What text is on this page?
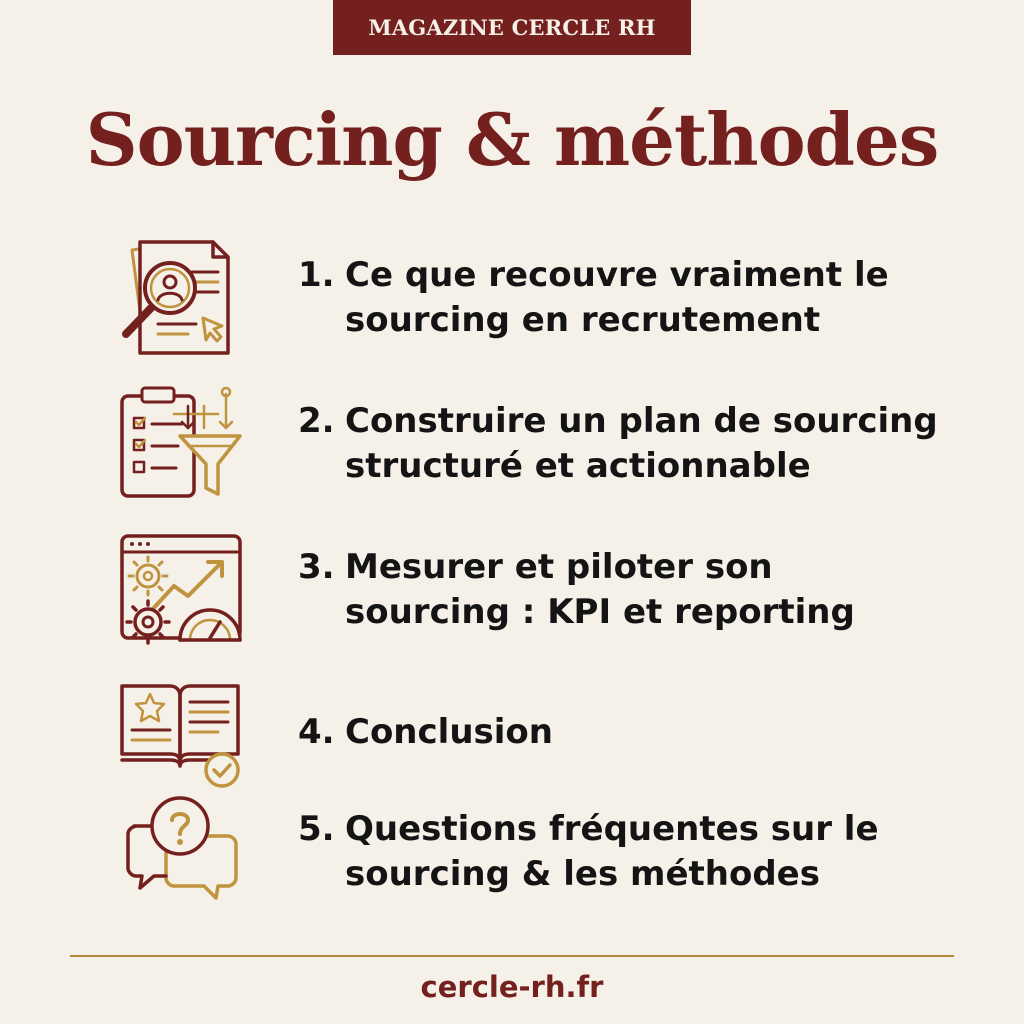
MAGAZINE CERCLE RH
Sourcing & méthodes
1. Ce que recouvre vraiment le
sourcing en recrutement
2. Construire un plan de sourcing
structuré et actionnable
3. Mesurer et piloter son
sourcing : KPI et reporting
4. Conclusion
5. Questions fréquentes sur le
sourcing & les méthodes
cercle-rh.fr
